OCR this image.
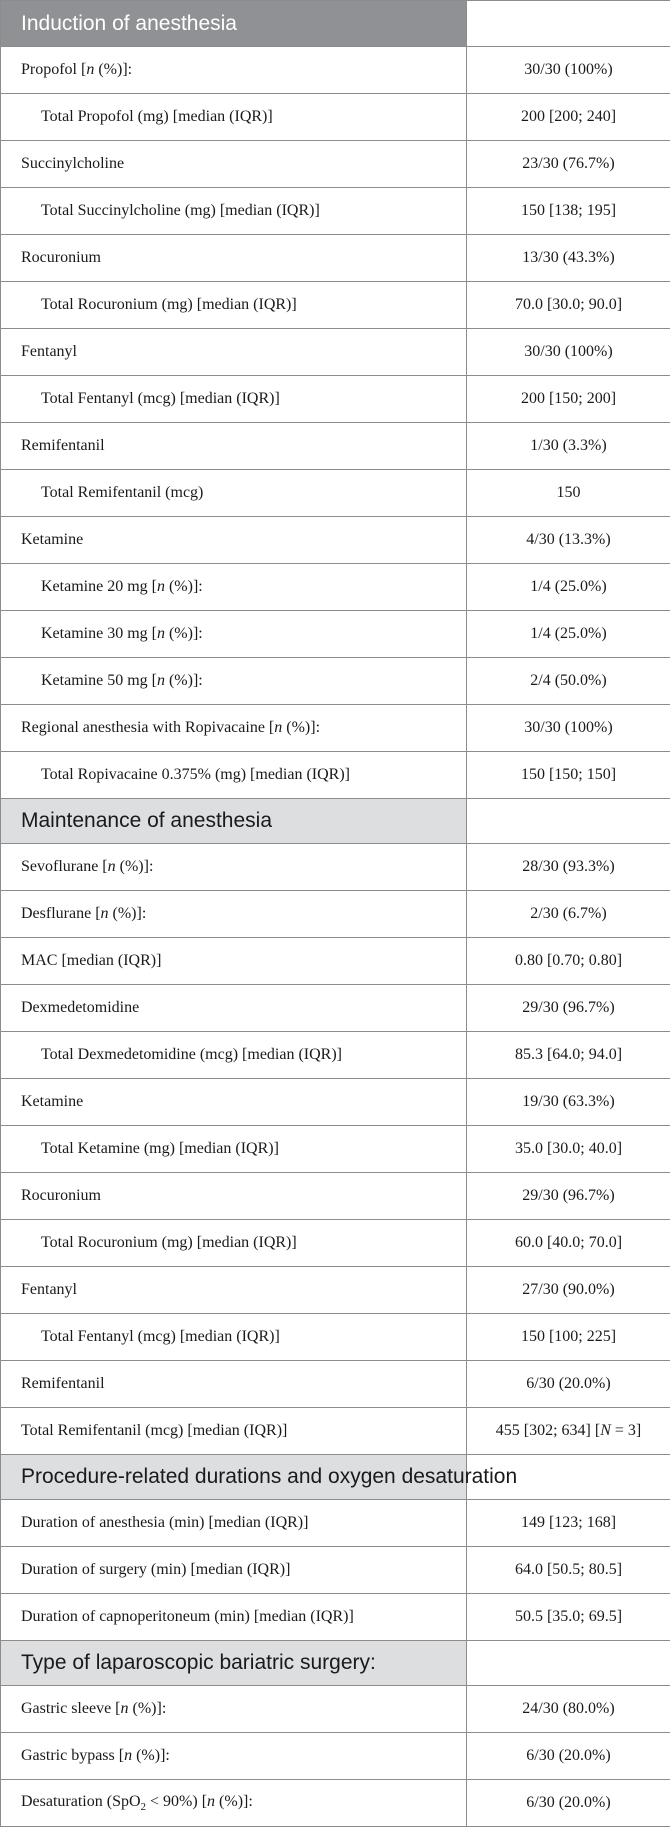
Induction of anesthesia	
Propofol [n (%)]:	30/30 (100%)
Total Propofol (mg) [median (IQR)]	200 [200; 240]
Succinylcholine	23/30 (76.7%)
Total Succinylcholine (mg) [median (IQR)]	150 [138; 195]
Rocuronium	13/30 (43.3%)
Total Rocuronium (mg) [median (IQR)]	70.0 [30.0; 90.0]
Fentanyl	30/30 (100%)
Total Fentanyl (mcg) [median (IQR)]	200 [150; 200]
Remifentanil	1/30 (3.3%)
Total Remifentanil (mcg)	150
Ketamine	4/30 (13.3%)
Ketamine 20 mg [n (%)]:	1/4 (25.0%)
Ketamine 30 mg [n (%)]:	1/4 (25.0%)
Ketamine 50 mg [n (%)]:	2/4 (50.0%)
Regional anesthesia with Ropivacaine [n (%)]:	30/30 (100%)
Total Ropivacaine 0.375% (mg) [median (IQR)]	150 [150; 150]
Maintenance of anesthesia	
Sevoflurane [n (%)]:	28/30 (93.3%)
Desflurane [n (%)]:	2/30 (6.7%)
MAC [median (IQR)]	0.80 [0.70; 0.80]
Dexmedetomidine	29/30 (96.7%)
Total Dexmedetomidine (mcg) [median (IQR)]	85.3 [64.0; 94.0]
Ketamine	19/30 (63.3%)
Total Ketamine (mg) [median (IQR)]	35.0 [30.0; 40.0]
Rocuronium	29/30 (96.7%)
Total Rocuronium (mg) [median (IQR)]	60.0 [40.0; 70.0]
Fentanyl	27/30 (90.0%)
Total Fentanyl (mcg) [median (IQR)]	150 [100; 225]
Remifentanil	6/30 (20.0%)
Total Remifentanil (mcg) [median (IQR)]	455 [302; 634] [N = 3]
Procedure-related durations and oxygen desaturation	
Duration of anesthesia (min) [median (IQR)]	149 [123; 168]
Duration of surgery (min) [median (IQR)]	64.0 [50.5; 80.5]
Duration of capnoperitoneum (min) [median (IQR)]	50.5 [35.0; 69.5]
Type of laparoscopic bariatric surgery:	
Gastric sleeve [n (%)]:	24/30 (80.0%)
Gastric bypass [n (%)]:	6/30 (20.0%)
Desaturation (SpO$_2$ < 90%) [n (%)]:	6/30 (20.0%)
